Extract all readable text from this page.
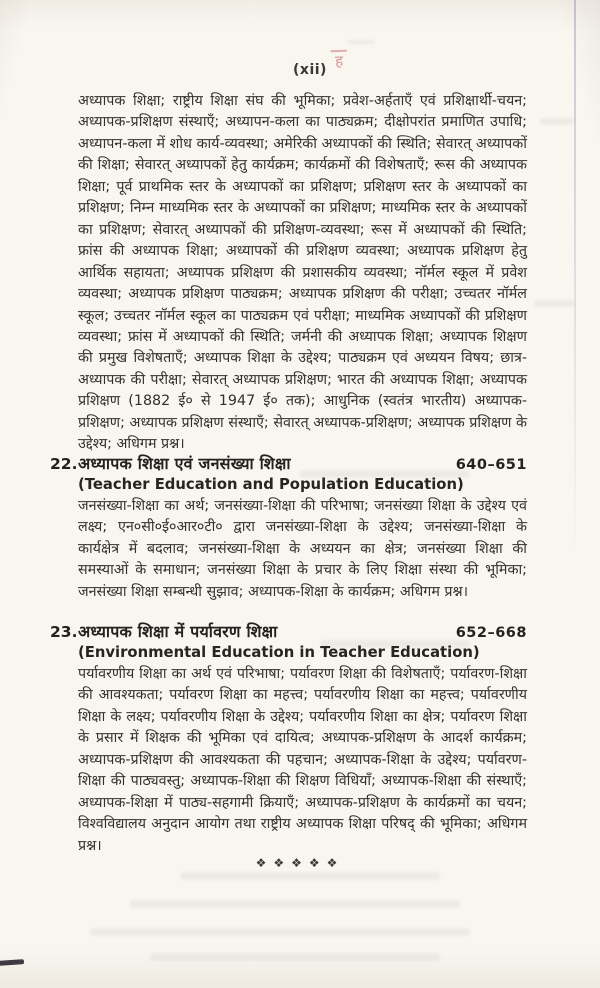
(xii) ह
अध्यापक शिक्षा; राष्ट्रीय शिक्षा संघ की भूमिका; प्रवेश-अर्हताएँ एवं प्रशिक्षार्थी-चयन; अध्यापक-प्रशिक्षण संस्थाएँ; अध्यापन-कला का पाठ्यक्रम; दीक्षोपरांत प्रमाणित उपाधि; अध्यापन-कला में शोध कार्य-व्यवस्था; अमेरिकी अध्यापकों की स्थिति; सेवारत् अध्यापकों की शिक्षा; सेवारत् अध्यापकों हेतु कार्यक्रम; कार्यक्रमों की विशेषताएँ; रूस की अध्यापक शिक्षा; पूर्व प्राथमिक स्तर के अध्यापकों का प्रशिक्षण; प्रशिक्षण स्तर के अध्यापकों का प्रशिक्षण; निम्न माध्यमिक स्तर के अध्यापकों का प्रशिक्षण; माध्यमिक स्तर के अध्यापकों का प्रशिक्षण; सेवारत् अध्यापकों की प्रशिक्षण-व्यवस्था; रूस में अध्यापकों की स्थिति; फ्रांस की अध्यापक शिक्षा; अध्यापकों की प्रशिक्षण व्यवस्था; अध्यापक प्रशिक्षण हेतु आर्थिक सहायता; अध्यापक प्रशिक्षण की प्रशासकीय व्यवस्था; नॉर्मल स्कूल में प्रवेश व्यवस्था; अध्यापक प्रशिक्षण पाठ्यक्रम; अध्यापक प्रशिक्षण की परीक्षा; उच्चतर नॉर्मल स्कूल; उच्चतर नॉर्मल स्कूल का पाठ्यक्रम एवं परीक्षा; माध्यमिक अध्यापकों की प्रशिक्षण व्यवस्था; फ्रांस में अध्यापकों की स्थिति; जर्मनी की अध्यापक शिक्षा; अध्यापक शिक्षण की प्रमुख विशेषताएँ; अध्यापक शिक्षा के उद्देश्य; पाठ्यक्रम एवं अध्ययन विषय; छात्र-अध्यापक की परीक्षा; सेवारत् अध्यापक प्रशिक्षण; भारत की अध्यापक शिक्षा; अध्यापक प्रशिक्षण (1882 ई० से 1947 ई० तक); आधुनिक (स्वतंत्र भारतीय) अध्यापक-प्रशिक्षण; अध्यापक प्रशिक्षण संस्थाएँ; सेवारत् अध्यापक-प्रशिक्षण; अध्यापक प्रशिक्षण के उद्देश्य; अधिगम प्रश्न।
22. अध्यापक शिक्षा एवं जनसंख्या शिक्षा	640–651
(Teacher Education and Population Education)
जनसंख्या-शिक्षा का अर्थ; जनसंख्या-शिक्षा की परिभाषा; जनसंख्या शिक्षा के उद्देश्य एवं लक्ष्य; एन०सी०ई०आर०टी० द्वारा जनसंख्या-शिक्षा के उद्देश्य; जनसंख्या-शिक्षा के कार्यक्षेत्र में बदलाव; जनसंख्या-शिक्षा के अध्ययन का क्षेत्र; जनसंख्या शिक्षा की समस्याओं के समाधान; जनसंख्या शिक्षा के प्रचार के लिए शिक्षा संस्था की भूमिका; जनसंख्या शिक्षा सम्बन्धी सुझाव; अध्यापक-शिक्षा के कार्यक्रम; अधिगम प्रश्न।
23. अध्यापक शिक्षा में पर्यावरण शिक्षा	652–668
(Environmental Education in Teacher Education)
पर्यावरणीय शिक्षा का अर्थ एवं परिभाषा; पर्यावरण शिक्षा की विशेषताएँ; पर्यावरण-शिक्षा की आवश्यकता; पर्यावरण शिक्षा का महत्त्व; पर्यावरणीय शिक्षा का महत्त्व; पर्यावरणीय शिक्षा के लक्ष्य; पर्यावरणीय शिक्षा के उद्देश्य; पर्यावरणीय शिक्षा का क्षेत्र; पर्यावरण शिक्षा के प्रसार में शिक्षक की भूमिका एवं दायित्व; अध्यापक-प्रशिक्षण के आदर्श कार्यक्रम; अध्यापक-प्रशिक्षण की आवश्यकता की पहचान; अध्यापक-शिक्षा के उद्देश्य; पर्यावरण-शिक्षा की पाठ्यवस्तु; अध्यापक-शिक्षा की शिक्षण विधियाँ; अध्यापक-शिक्षा की संस्थाएँ; अध्यापक-शिक्षा में पाठ्य-सहगामी क्रियाएँ; अध्यापक-प्रशिक्षण के कार्यक्रमों का चयन; विश्वविद्यालय अनुदान आयोग तथा राष्ट्रीय अध्यापक शिक्षा परिषद् की भूमिका; अधिगम प्रश्न।
❖❖❖❖❖
